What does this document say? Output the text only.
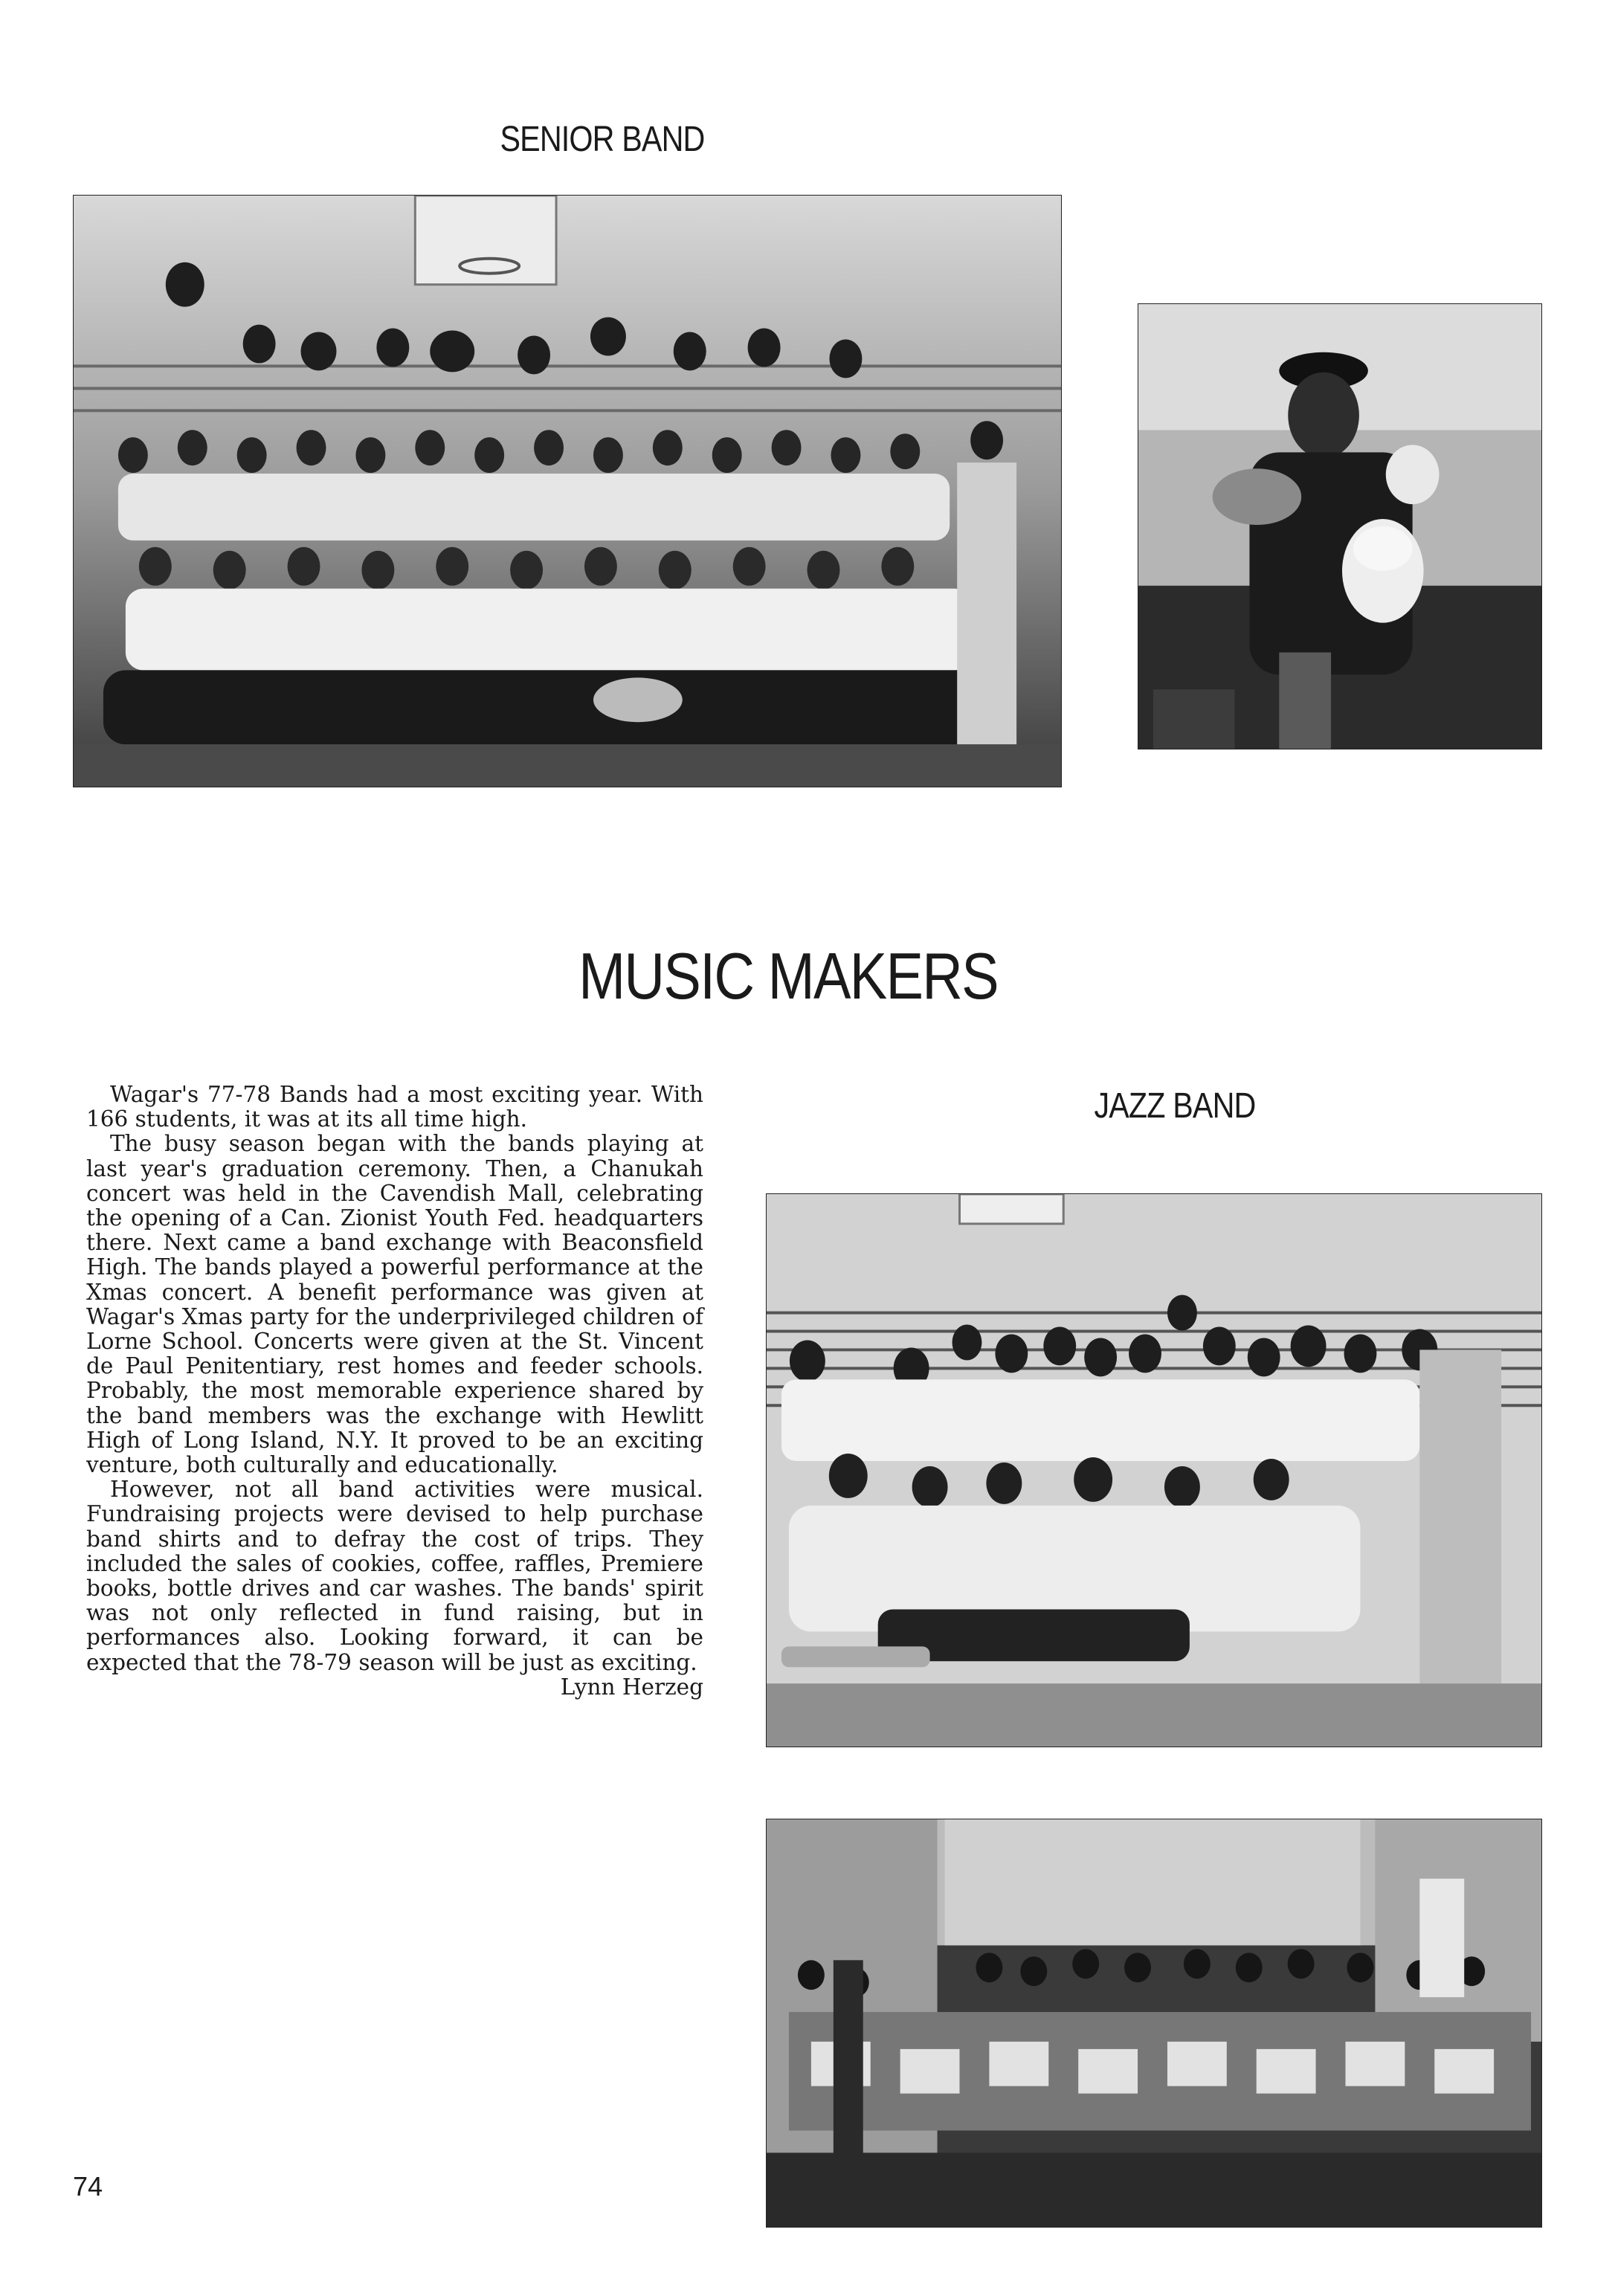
SENIOR BAND
MUSIC MAKERS

Wagar's 77-78 Bands had a most exciting year. With 166 students, it was at its all time high.

The busy season began with the bands playing at last year's graduation ceremony. Then, a Chanukah concert was held in the Cavendish Mall, celebrating the opening of a Can. Zionist Youth Fed. headquarters there. Next came a band exchange with Beaconsfield High. The bands played a powerful performance at the Xmas concert. A benefit performance was given at Wagar's Xmas party for the underprivileged children of Lorne School. Concerts were given at the St. Vincent de Paul Penitentiary, rest homes and feeder schools. Probably, the most memorable experience shared by the band members was the exchange with Hewlitt High of Long Island, N.Y. It proved to be an exciting venture, both culturally and educationally.

However, not all band activities were musical. Fundraising projects were devised to help purchase band shirts and to defray the cost of trips. They included the sales of cookies, coffee, raffles, Premiere books, bottle drives and car washes. The bands' spirit was not only reflected in fund raising, but in performances also. Looking forward, it can be expected that the 78-79 season will be just as exciting.

Lynn Herzeg

JAZZ BAND
74
